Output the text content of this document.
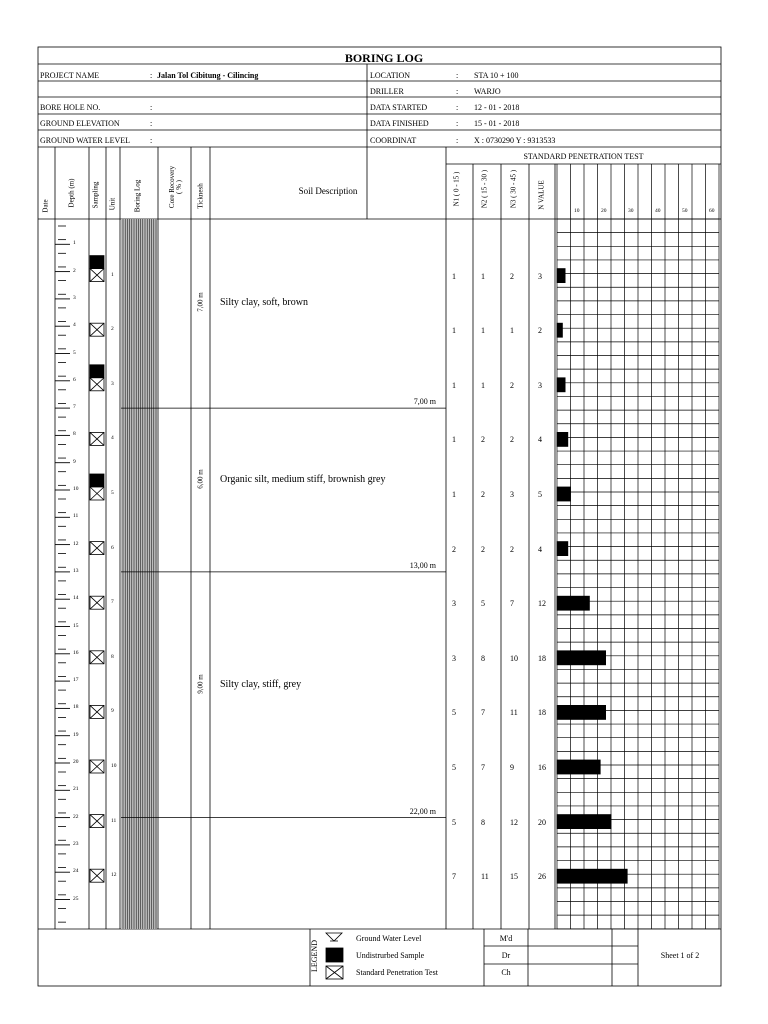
BORING LOG
PROJECT NAME	: Jalan Tol Cibitung - Cilincing
BORE HOLE NO.	:
GROUND ELEVATION	:
GROUND WATER LEVEL :
LOCATION	: STA 10 + 100
DRILLER	: WARJO
DATA STARTED	: 12 - 01 - 2018
DATA FINISHED	: 15 - 01 - 2018
COORDINAT	: X : 0730290 Y : 9313533
Date	Depth (m) Sampling Unit Boring Log	Core Recovery ( % ) Ticknesh	Soil Description
STANDARD PENETRATION TEST
N1 ( 0 - 15 )	N2 ( 15 - 30 )	N3 ( 30 - 45 )	N VALUE
LEGEND
Ground Water Level
Undistrurbed Sample
Standard Penetration Test
M'd
Dr
Ch
Sheet 1 of 2
1
2
3
4
5
6
7
8
9
10
11
12
13
14
15
16
17
18
19
20
21
22
23
24
25
7,00 m
7,00 m Silty clay, soft, brown
13,00 m
6,00 m Organic silt, medium stiff, brownish grey
22,00 m
9,00 m Silty clay, stiff, grey
1
2
3
4
5
6
7
8
9
10
11
12
10	20	30	40	50	60
1	1	2	3
1	1	1	2
1	1	2	3
1	2	2	4
1	2	3	5
2	2	2	4
3	5	7	12
3	8	10	18
5	7	11	18
5	7	9	16
5	8	12	20
7	11	15	26
